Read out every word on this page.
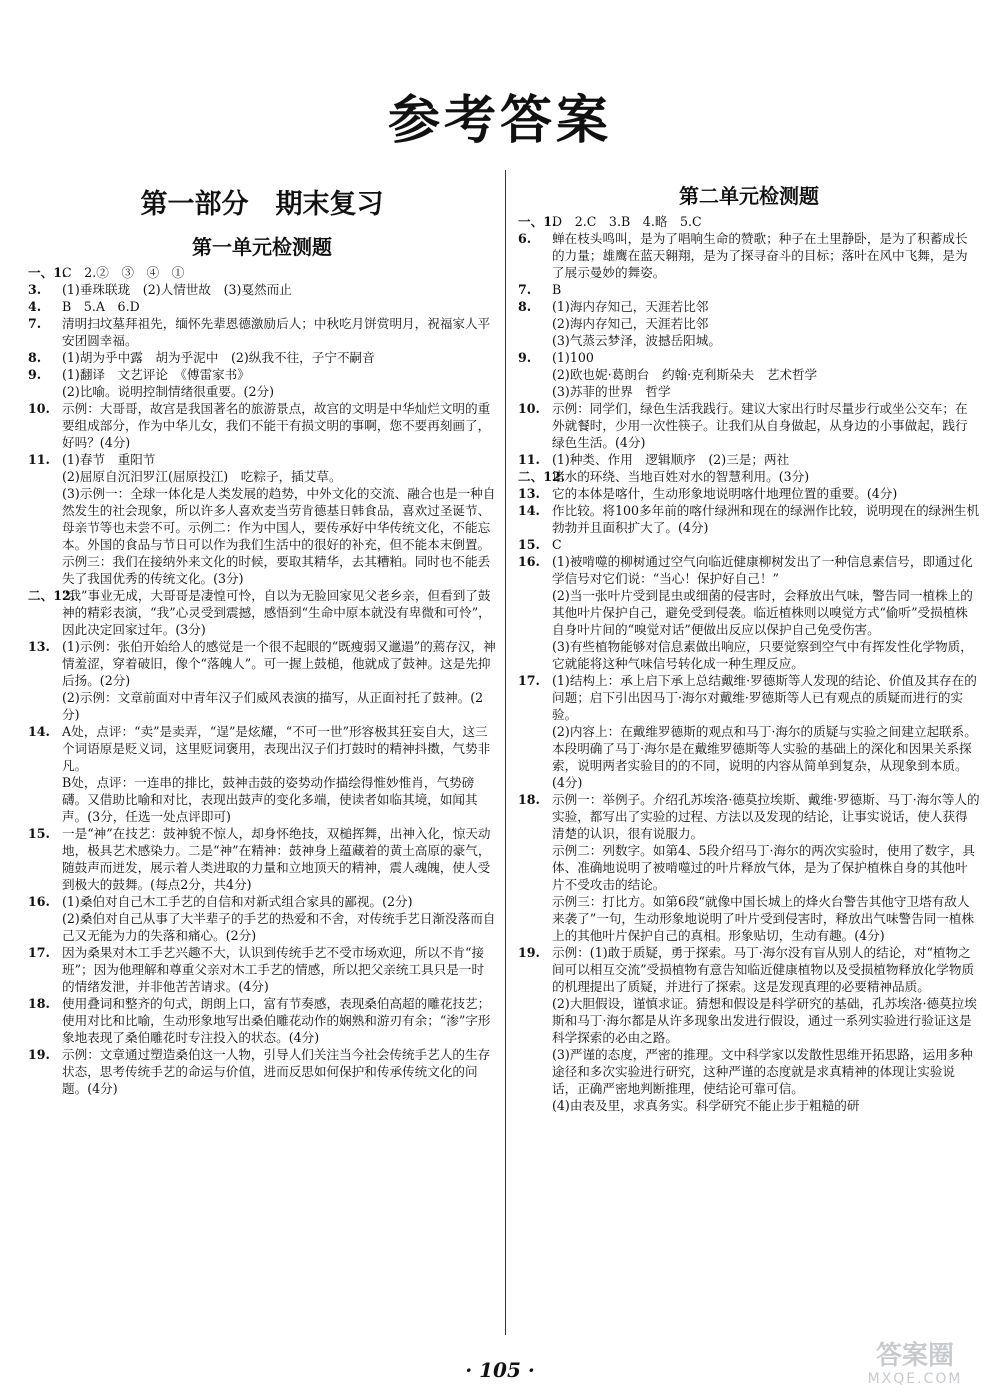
参考答案
第一部分　期末复习
第一单元检测题
一、1.
C　2.②　③　④　①
3.	(1)垂珠联珑　(2)人情世故　(3)戛然而止
4.	B　5.A　6.D
7.	清明扫坟墓拜祖先，缅怀先辈恩德激励后人；中秋吃月饼赏明月，祝福家人平安团圆幸福。
8.	(1)胡为乎中露　胡为乎泥中　(2)纵我不往，子宁不嗣音
9.	(1)翻译　文艺评论　《傅雷家书》
(2)比喻。说明控制情绪很重要。(2分)
10. 示例：大哥哥，故宫是我国著名的旅游景点，故宫的文明是中华灿烂文明的重要组成部分，作为中华儿女，我们不能干有损文明的事啊，您不要再刻画了，好吗？(4分)
11. (1)春节　重阳节
(2)屈原自沉汨罗江(屈原投江)　吃粽子，插艾草。
(3)示例一：全球一体化是人类发展的趋势，中外文化的交流、融合也是一种自然发生的社会现象，所以许多人喜欢麦当劳肯德基日韩食品，喜欢过圣诞节、母亲节等也未尝不可。示例二：作为中国人，要传承好中华传统文化，不能忘本。外国的食品与节日可以作为我们生活中的很好的补充，但不能本末倒置。示例三：我们在接纳外来文化的时候，要取其精华，去其糟粕。同时也不能丢失了我国优秀的传统文化。(3分)
二、12.
“我”事业无成，大哥哥是凄惶可怜，自以为无脸回家见父老乡亲，但看到了鼓神的精彩表演，“我”心灵受到震撼，感悟到“生命中原本就没有卑微和可怜”，因此决定回家过年。(3分)
13. (1)示例：张伯开始给人的感觉是一个很不起眼的“既瘦弱又邋遢”的蔫存汉，神情羞涩，穿着破旧，像个“落魄人”。可一握上鼓槌，他就成了鼓神。这是先抑后扬。(2分)
(2)示例：文章前面对中青年汉子们威风表演的描写，从正面衬托了鼓神。(2分)
14. A处，点评：“卖”是卖弄，“逞”是炫耀，“不可一世”形容极其狂妄自大，这三个词语原是贬义词，这里贬词褒用，表现出汉子们打鼓时的精神抖擞，气势非凡。
B处，点评：一连串的排比，鼓神击鼓的姿势动作描绘得惟妙惟肖，气势磅礴。又借助比喻和对比，表现出鼓声的变化多端，使读者如临其境，如闻其声。(3分，任选一处点评即可)
15. 一是“神”在技艺：鼓神貌不惊人，却身怀绝技，双槌挥舞，出神入化，惊天动地，极具艺术感染力。二是“神”在精神：鼓神身上蕴藏着的黄土高原的豪气，随鼓声而迸发，展示着人类进取的力量和立地顶天的精神，震人魂魄，使人受到极大的鼓舞。(每点2分，共4分)
16. (1)桑伯对自己木工手艺的自信和对新式组合家具的鄙视。(2分)
(2)桑伯对自己从事了大半辈子的手艺的热爱和不舍，对传统手艺日渐没落而自己又无能为力的失落和痛心。(2分)
17. 因为桑果对木工手艺兴趣不大，认识到传统手艺不受市场欢迎，所以不肯“接班”；因为他理解和尊重父亲对木工手艺的情感，所以把父亲统工具只是一时的情绪发泄，并非他苦苦请求。(4分)
18. 使用叠词和整齐的句式，朗朗上口，富有节奏感，表现桑伯高超的雕花技艺；使用对比和比喻，生动形象地写出桑伯雕花动作的娴熟和游刃有余；“渗”字形象地表现了桑伯雕花时专注投入的状态。(4分)
19. 示例：文章通过塑造桑伯这一人物，引导人们关注当今社会传统手艺人的生存状态，思考传统手艺的命运与价值，进而反思如何保护和传承传统文化的问题。(4分)
第二单元检测题
一、1.
D　2.C　3.B　4.略　5.C
6.	蝉在枝头鸣叫，是为了唱响生命的赞歌；种子在土里静卧，是为了积蓄成长的力量；雄鹰在蓝天翱翔，是为了探寻奋斗的目标；落叶在风中飞舞，是为了展示曼妙的舞姿。
7.	B
8.	(1)海内存知己，天涯若比邻
(2)海内存知己，天涯若比邻
(3)气蒸云梦泽，波撼岳阳城。
9.	(1)100
(2)欧也妮·葛朗台　约翰·克利斯朵夫　艺术哲学
(3)苏菲的世界　哲学
10. 示例：同学们，绿色生活我践行。建议大家出行时尽量步行或坐公交车；在外就餐时，少用一次性筷子。让我们从自身做起，从身边的小事做起，践行绿色生活。(4分)
11. (1)种类、作用　逻辑顺序　(2)三是；两社
二、12.
诸水的环绕、当地百姓对水的智慧利用。(3分)
13. 它的本体是喀什，生动形象地说明喀什地理位置的重要。(4分)
14. 作比较。将100多年前的喀什绿洲和现在的绿洲作比较，说明现在的绿洲生机勃勃并且面积扩大了。(4分)
15. C
16. (1)被啃噬的柳树通过空气向临近健康柳树发出了一种信息素信号，即通过化学信号对它们说：“当心！保护好自己！”
(2)当一张叶片受到昆虫或细菌的侵害时，会释放出气味，警告同一植株上的其他叶片保护自己，避免受到侵袭。临近植株则以嗅觉方式“偷听”受损植株自身叶片间的“嗅觉对话”便做出反应以保护自己免受伤害。
(3)有些植物能够对信息素做出响应，只要觉察到空气中有挥发性化学物质，它就能将这种气味信号转化成一种生理反应。
17. (1)结构上：承上启下承上总结戴维·罗德斯等人发现的结论、价值及其存在的问题；启下引出因马丁·海尔对戴维·罗德斯等人已有观点的质疑而进行的实验。
(2)内容上：在戴维罗德斯的观点和马丁·海尔的质疑与实验之间建立起联系。本段明确了马丁·海尔是在戴维罗德斯等人实验的基础上的深化和因果关系探索，说明两者实验目的的不同，说明的内容从简单到复杂，从现象到本质。(4分)
18. 示例一：举例子。介绍孔苏埃洛·德莫拉埃斯、戴维·罗德斯、马丁·海尔等人的实验，都写出了实验的过程、方法以及发现的结论，让事实说话，使人获得清楚的认识，很有说服力。
示例二：列数字。如第4、5段介绍马丁·海尔的两次实验时，使用了数字，具体、准确地说明了被啃噬过的叶片释放气体，是为了保护植株自身的其他叶片不受攻击的结论。
示例三：打比方。如第6段“就像中国长城上的烽火台警告其他守卫塔有敌人来袭了”一句，生动形象地说明了叶片受到侵害时，释放出气味警告同一植株上的其他叶片保护自己的真相。形象贴切，生动有趣。(4分)
19. 示例：(1)敢于质疑，勇于探索。马丁·海尔没有盲从别人的结论，对“植物之间可以相互交流”受损植物有意告知临近健康植物以及受损植物释放化学物质的机理提出了质疑，并进行了探索。这是发现真理的必要精神品质。
(2)大胆假设，谨慎求证。猜想和假设是科学研究的基础，孔苏埃洛·德莫拉埃斯和马丁·海尔都是从许多现象出发进行假设，通过一系列实验进行验证这是科学探索的必由之路。
(3)严谨的态度，严密的推理。文中科学家以发散性思维开拓思路，运用多种途径和多次实验进行研究，这种严谨的态度就是求真精神的体现让实验说话，正确严密地判断推理，使结论可靠可信。
(4)由表及里，求真务实。科学研究不能止步于粗糙的研
· 105 ·	答案圈
MXQE.COM
